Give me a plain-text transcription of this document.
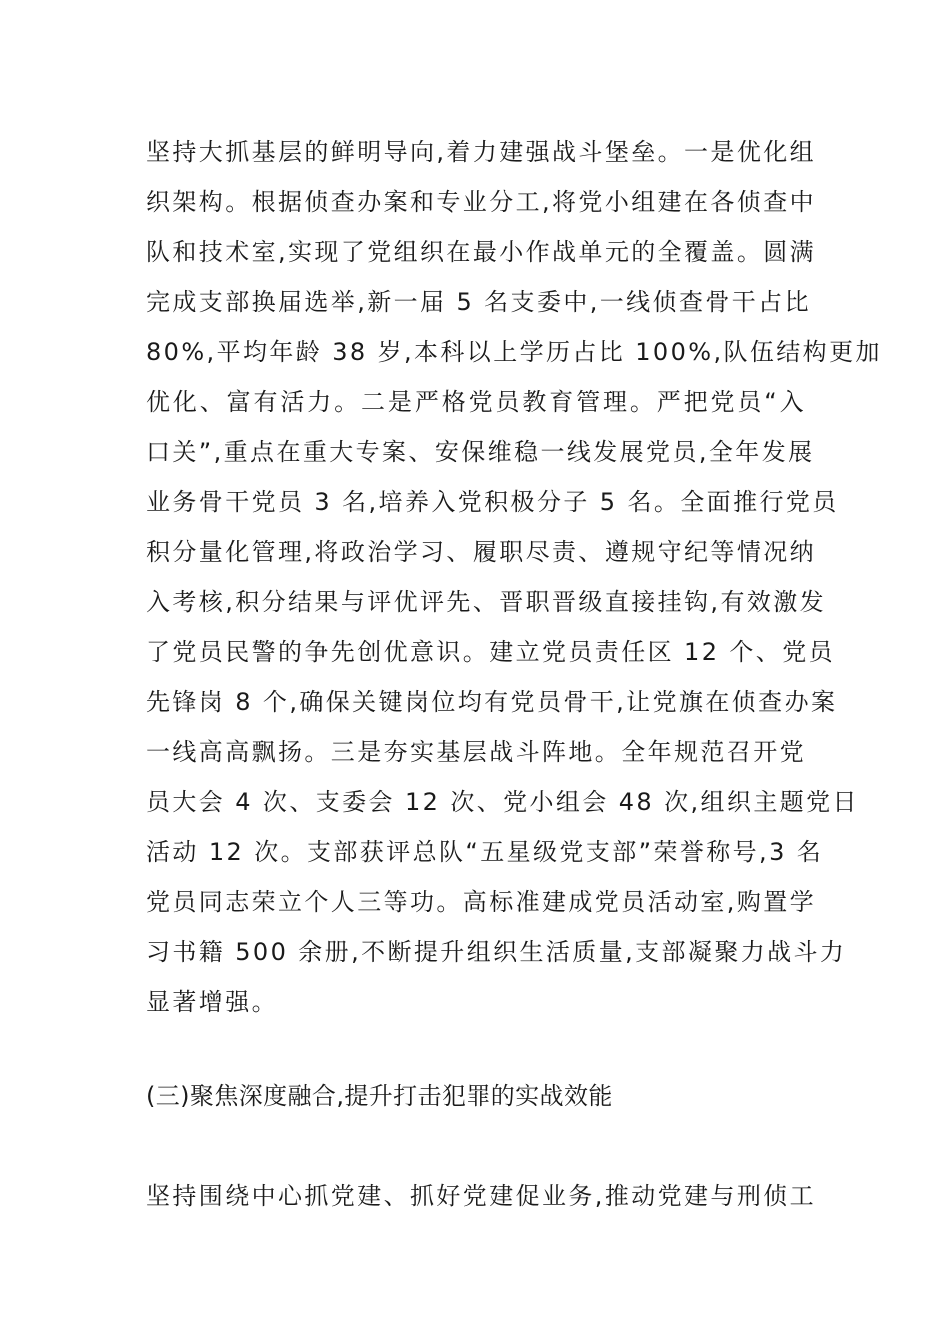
坚持大抓基层的鲜明导向,着力建强战斗堡垒。一是优化组
织架构。根据侦查办案和专业分工,将党小组建在各侦查中
队和技术室,实现了党组织在最小作战单元的全覆盖。圆满
完成支部换届选举,新一届 5 名支委中,一线侦查骨干占比
80%,平均年龄 38 岁,本科以上学历占比 100%,队伍结构更加
优化、富有活力。二是严格党员教育管理。严把党员“入
口关”,重点在重大专案、安保维稳一线发展党员,全年发展
业务骨干党员 3 名,培养入党积极分子 5 名。全面推行党员
积分量化管理,将政治学习、履职尽责、遵规守纪等情况纳
入考核,积分结果与评优评先、晋职晋级直接挂钩,有效激发
了党员民警的争先创优意识。建立党员责任区 12 个、党员
先锋岗 8 个,确保关键岗位均有党员骨干,让党旗在侦查办案
一线高高飘扬。三是夯实基层战斗阵地。全年规范召开党
员大会 4 次、支委会 12 次、党小组会 48 次,组织主题党日
活动 12 次。支部获评总队“五星级党支部”荣誉称号,3 名
党员同志荣立个人三等功。高标准建成党员活动室,购置学
习书籍 500 余册,不断提升组织生活质量,支部凝聚力战斗力
显著增强。
(三)聚焦深度融合,提升打击犯罪的实战效能
坚持围绕中心抓党建、抓好党建促业务,推动党建与刑侦工
